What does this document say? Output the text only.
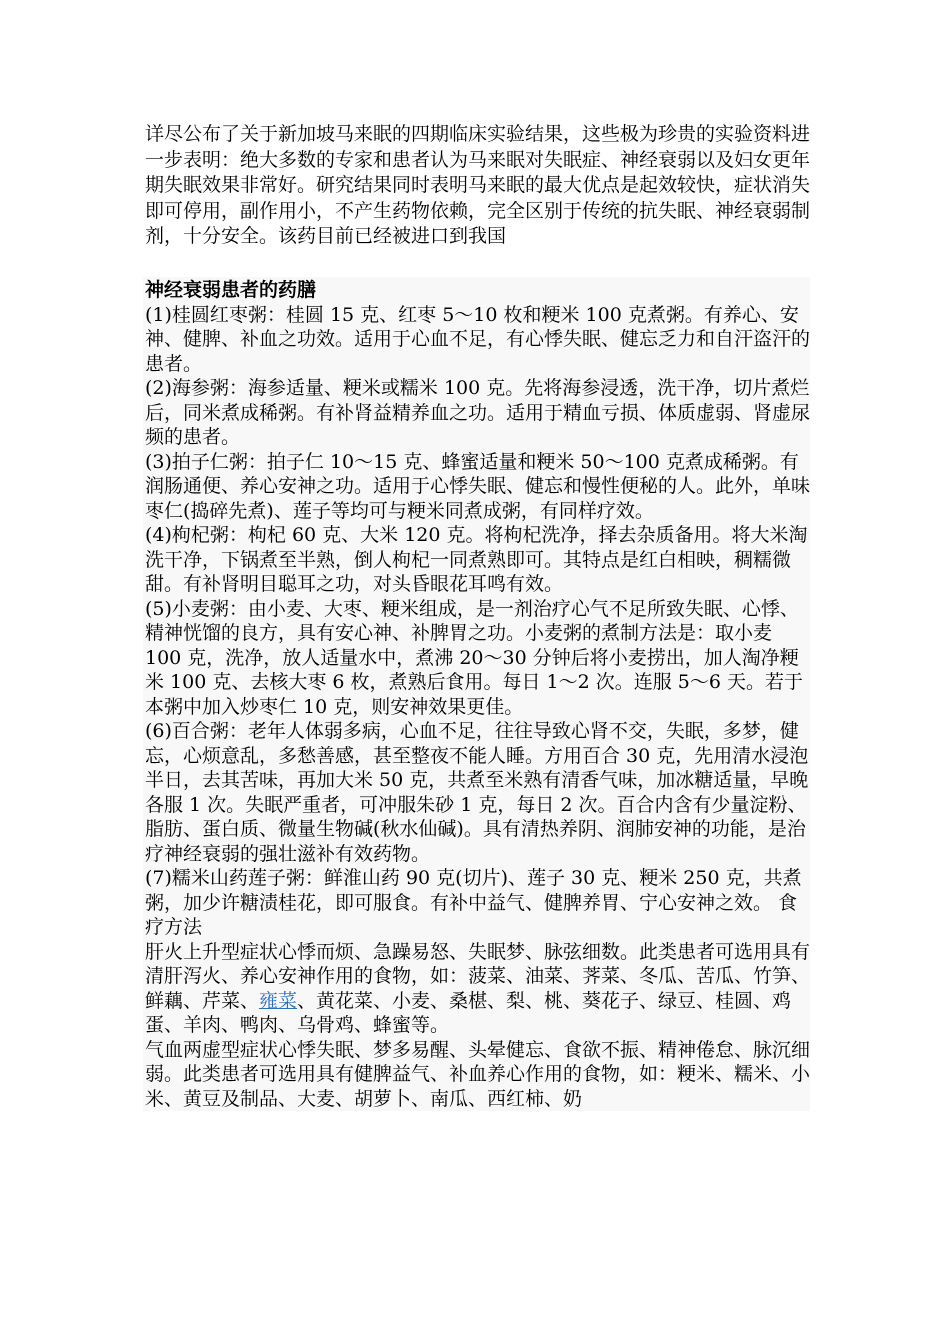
详尽公布了关于新加坡马来眠的四期临床实验结果，这些极为珍贵的实验资料进一步表明：绝大多数的专家和患者认为马来眠对失眠症、神经衰弱以及妇女更年期失眠效果非常好。研究结果同时表明马来眠的最大优点是起效较快，症状消失即可停用，副作用小，不产生药物依赖，完全区别于传统的抗失眠、神经衰弱制剂，十分安全。该药目前已经被进口到我国

神经衰弱患者的药膳

(1)桂圆红枣粥：桂圆 15 克、红枣 5～10 枚和粳米 100 克煮粥。有养心、安神、健脾、补血之功效。适用于心血不足，有心悸失眠、健忘乏力和自汗盗汗的患者。

(2)海参粥：海参适量、粳米或糯米 100 克。先将海参浸透，洗干净，切片煮烂后，同米煮成稀粥。有补肾益精养血之功。适用于精血亏损、体质虚弱、肾虚尿频的患者。

(3)拍子仁粥：拍子仁 10～15 克、蜂蜜适量和粳米 50～100 克煮成稀粥。有润肠通便、养心安神之功。适用于心悸失眠、健忘和慢性便秘的人。此外，单味枣仁(捣碎先煮)、莲子等均可与粳米同煮成粥，有同样疗效。

(4)枸杞粥：枸杞 60 克、大米 120 克。将枸杞洗净，择去杂质备用。将大米淘洗干净，下锅煮至半熟，倒人枸杞一同煮熟即可。其特点是红白相映，稠糯微甜。有补肾明目聪耳之功，对头昏眼花耳鸣有效。

(5)小麦粥：由小麦、大枣、粳米组成，是一剂治疗心气不足所致失眠、心悸、精神恍馏的良方，具有安心神、补脾胃之功。小麦粥的煮制方法是：取小麦 100 克，洗净，放人适量水中，煮沸 20～30 分钟后将小麦捞出，加人淘净粳米 100 克、去核大枣 6 枚，煮熟后食用。每日 1～2 次。连服 5～6 天。若于本粥中加入炒枣仁 10 克，则安神效果更佳。

(6)百合粥：老年人体弱多病，心血不足，往往导致心肾不交，失眠，多梦，健忘，心烦意乱，多愁善感，甚至整夜不能人睡。方用百合 30 克，先用清水浸泡半日，去其苦味，再加大米 50 克，共煮至米熟有清香气味，加冰糖适量，早晚各服 1 次。失眠严重者，可冲服朱砂 1 克，每日 2 次。百合内含有少量淀粉、脂肪、蛋白质、微量生物碱(秋水仙碱)。具有清热养阴、润肺安神的功能，是治疗神经衰弱的强壮滋补有效药物。

(7)糯米山药莲子粥：鲜淮山药 90 克(切片)、莲子 30 克、粳米 250 克，共煮粥，加少许糖渍桂花，即可服食。有补中益气、健脾养胃、宁心安神之效。 食疗方法

肝火上升型症状心悸而烦、急躁易怒、失眠梦、脉弦细数。此类患者可选用具有清肝泻火、养心安神作用的食物，如：菠菜、油菜、荠菜、冬瓜、苦瓜、竹笋、鲜藕、芹菜、雍菜、黄花菜、小麦、桑椹、梨、桃、葵花子、绿豆、桂圆、鸡蛋、羊肉、鸭肉、乌骨鸡、蜂蜜等。

气血两虚型症状心悸失眠、梦多易醒、头晕健忘、食欲不振、精神倦怠、脉沉细弱。此类患者可选用具有健脾益气、补血养心作用的食物，如：粳米、糯米、小米、黄豆及制品、大麦、胡萝卜、南瓜、西红柿、奶
